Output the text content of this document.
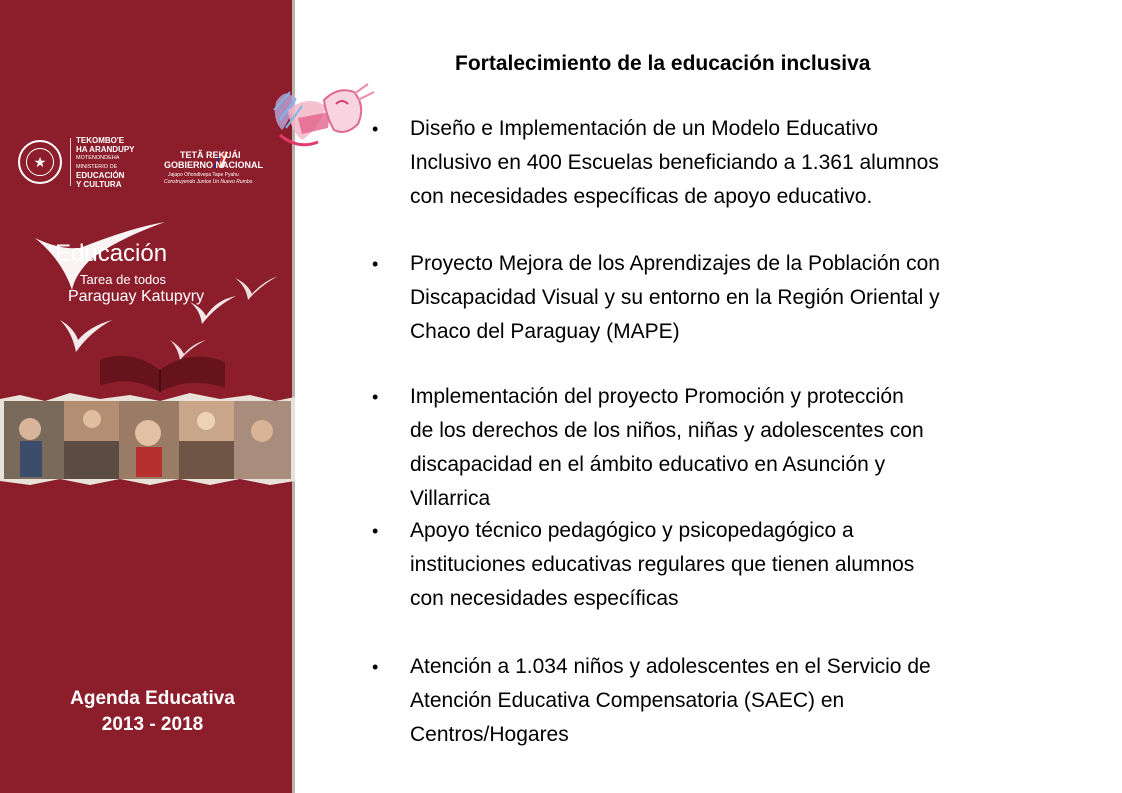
★
TEKOMBO'E
HA ARANDUPY
MOTENONDEHA
MINISTERIO DE
EDUCACIÓN
Y CULTURA
TETÃ REKUÁI
GOBIERNO NACIONAL
Jajapo Oñondivepa Tape Pyahu
Construyendo Juntos Un Nuevo Rumbo
Educación
Tarea de todos
Paraguay Katupyry
Agenda Educativa
2013 - 2018
Fortalecimiento de la educación inclusiva
•	Diseño e Implementación de un Modelo Educativo
Inclusivo en 400 Escuelas beneficiando a 1.361 alumnos
con necesidades específicas de apoyo educativo.
•	Proyecto Mejora de los Aprendizajes de la Población con
Discapacidad Visual y su entorno en la Región Oriental y
Chaco del Paraguay (MAPE)
•	Implementación del proyecto Promoción y protección
de los derechos de los niños, niñas y adolescentes con
discapacidad en el ámbito educativo en Asunción y
Villarrica
•	Apoyo técnico pedagógico y psicopedagógico a
instituciones educativas regulares que tienen alumnos
con necesidades específicas
•	Atención a 1.034 niños y adolescentes en el Servicio de
Atención Educativa Compensatoria (SAEC) en
Centros/Hogares
